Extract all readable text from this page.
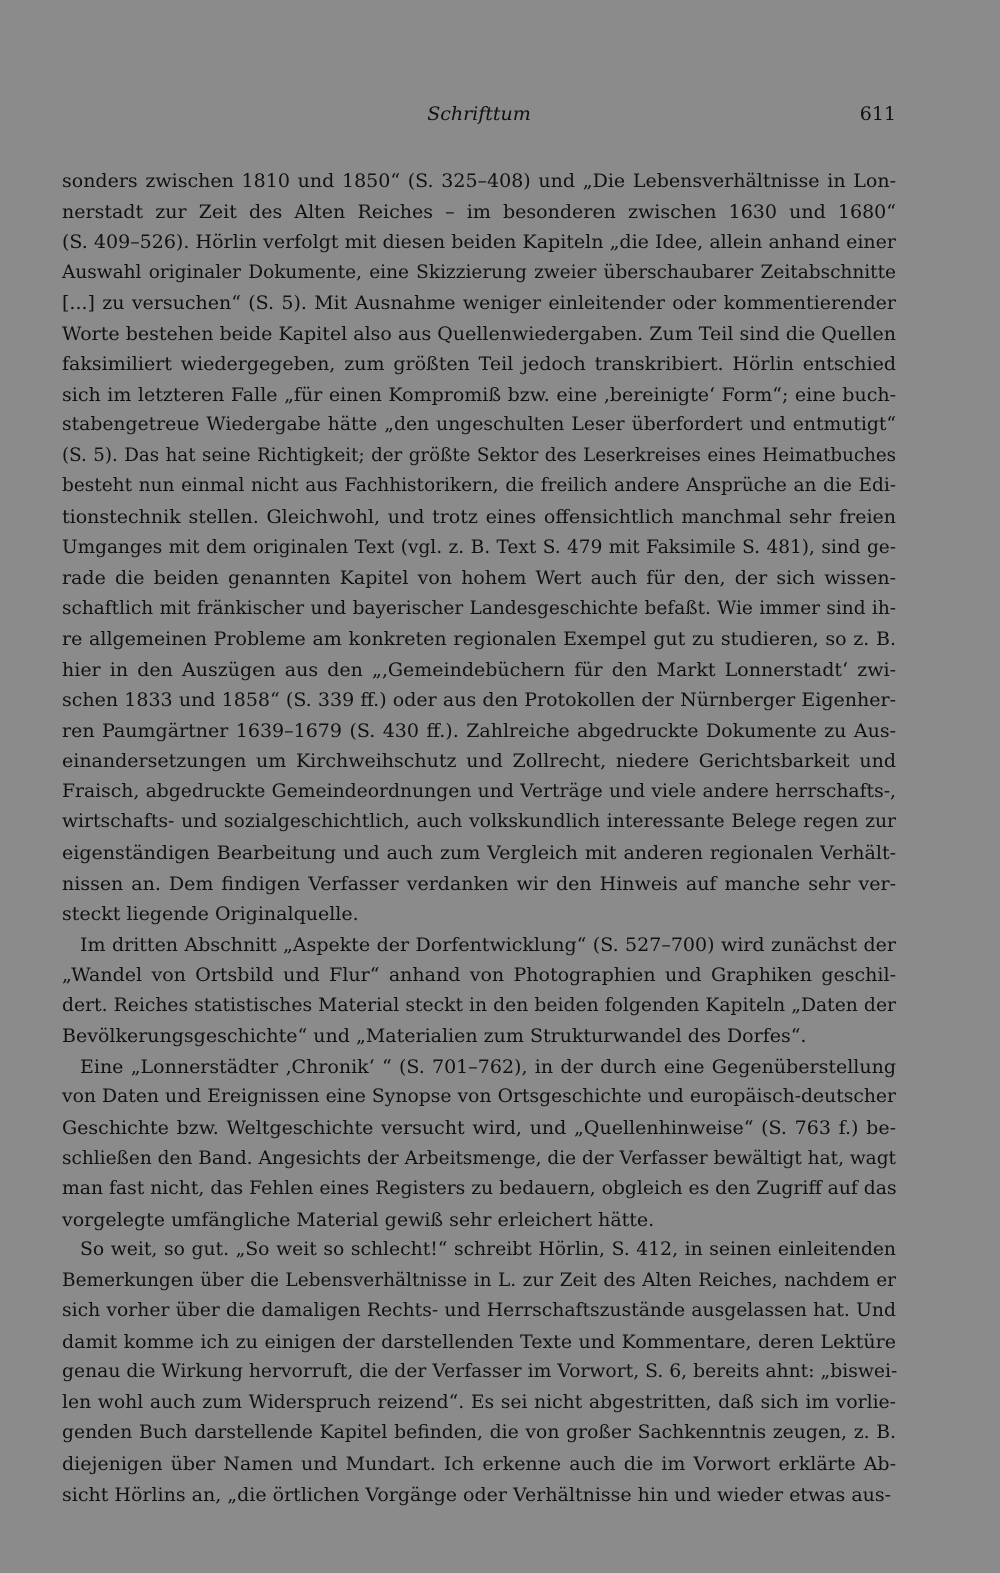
Schrifttum	611

sonders zwischen 1810 und 1850“ (S. 325–408) und „Die Lebensverhältnisse in Lon-
nerstadt zur Zeit des Alten Reiches – im besonderen zwischen 1630 und 1680“
(S. 409–526). Hörlin verfolgt mit diesen beiden Kapiteln „die Idee, allein anhand einer
Auswahl originaler Dokumente, eine Skizzierung zweier überschaubarer Zeitabschnitte
[...] zu versuchen“ (S. 5). Mit Ausnahme weniger einleitender oder kommentierender
Worte bestehen beide Kapitel also aus Quellenwiedergaben. Zum Teil sind die Quellen
faksimiliert wiedergegeben, zum größten Teil jedoch transkribiert. Hörlin entschied
sich im letzteren Falle „für einen Kompromiß bzw. eine ‚bereinigte‘ Form“; eine buch-
stabengetreue Wiedergabe hätte „den ungeschulten Leser überfordert und entmutigt“
(S. 5). Das hat seine Richtigkeit; der größte Sektor des Leserkreises eines Heimatbuches
besteht nun einmal nicht aus Fachhistorikern, die freilich andere Ansprüche an die Edi-
tionstechnik stellen. Gleichwohl, und trotz eines offensichtlich manchmal sehr freien
Umganges mit dem originalen Text (vgl. z. B. Text S. 479 mit Faksimile S. 481), sind ge-
rade die beiden genannten Kapitel von hohem Wert auch für den, der sich wissen-
schaftlich mit fränkischer und bayerischer Landesgeschichte befaßt. Wie immer sind ih-
re allgemeinen Probleme am konkreten regionalen Exempel gut zu studieren, so z. B.
hier in den Auszügen aus den „‚Gemeindebüchern für den Markt Lonnerstadt‘ zwi-
schen 1833 und 1858“ (S. 339 ff.) oder aus den Protokollen der Nürnberger Eigenher-
ren Paumgärtner 1639–1679 (S. 430 ff.). Zahlreiche abgedruckte Dokumente zu Aus-
einandersetzungen um Kirchweihschutz und Zollrecht, niedere Gerichtsbarkeit und
Fraisch, abgedruckte Gemeindeordnungen und Verträge und viele andere herrschafts-,
wirtschafts- und sozialgeschichtlich, auch volkskundlich interessante Belege regen zur
eigenständigen Bearbeitung und auch zum Vergleich mit anderen regionalen Verhält-
nissen an. Dem findigen Verfasser verdanken wir den Hinweis auf manche sehr ver-
steckt liegende Originalquelle.

Im dritten Abschnitt „Aspekte der Dorfentwicklung“ (S. 527–700) wird zunächst der
„Wandel von Ortsbild und Flur“ anhand von Photographien und Graphiken geschil-
dert. Reiches statistisches Material steckt in den beiden folgenden Kapiteln „Daten der
Bevölkerungsgeschichte“ und „Materialien zum Strukturwandel des Dorfes“.

Eine „Lonnerstädter ‚Chronik‘ “ (S. 701–762), in der durch eine Gegenüberstellung
von Daten und Ereignissen eine Synopse von Ortsgeschichte und europäisch-deutscher
Geschichte bzw. Weltgeschichte versucht wird, und „Quellenhinweise“ (S. 763 f.) be-
schließen den Band. Angesichts der Arbeitsmenge, die der Verfasser bewältigt hat, wagt
man fast nicht, das Fehlen eines Registers zu bedauern, obgleich es den Zugriff auf das
vorgelegte umfängliche Material gewiß sehr erleichert hätte.

So weit, so gut. „So weit so schlecht!“ schreibt Hörlin, S. 412, in seinen einleitenden
Bemerkungen über die Lebensverhältnisse in L. zur Zeit des Alten Reiches, nachdem er
sich vorher über die damaligen Rechts- und Herrschaftszustände ausgelassen hat. Und
damit komme ich zu einigen der darstellenden Texte und Kommentare, deren Lektüre
genau die Wirkung hervorruft, die der Verfasser im Vorwort, S. 6, bereits ahnt: „biswei-
len wohl auch zum Widerspruch reizend“. Es sei nicht abgestritten, daß sich im vorlie-
genden Buch darstellende Kapitel befinden, die von großer Sachkenntnis zeugen, z. B.
diejenigen über Namen und Mundart. Ich erkenne auch die im Vorwort erklärte Ab-
sicht Hörlins an, „die örtlichen Vorgänge oder Verhältnisse hin und wieder etwas aus-
